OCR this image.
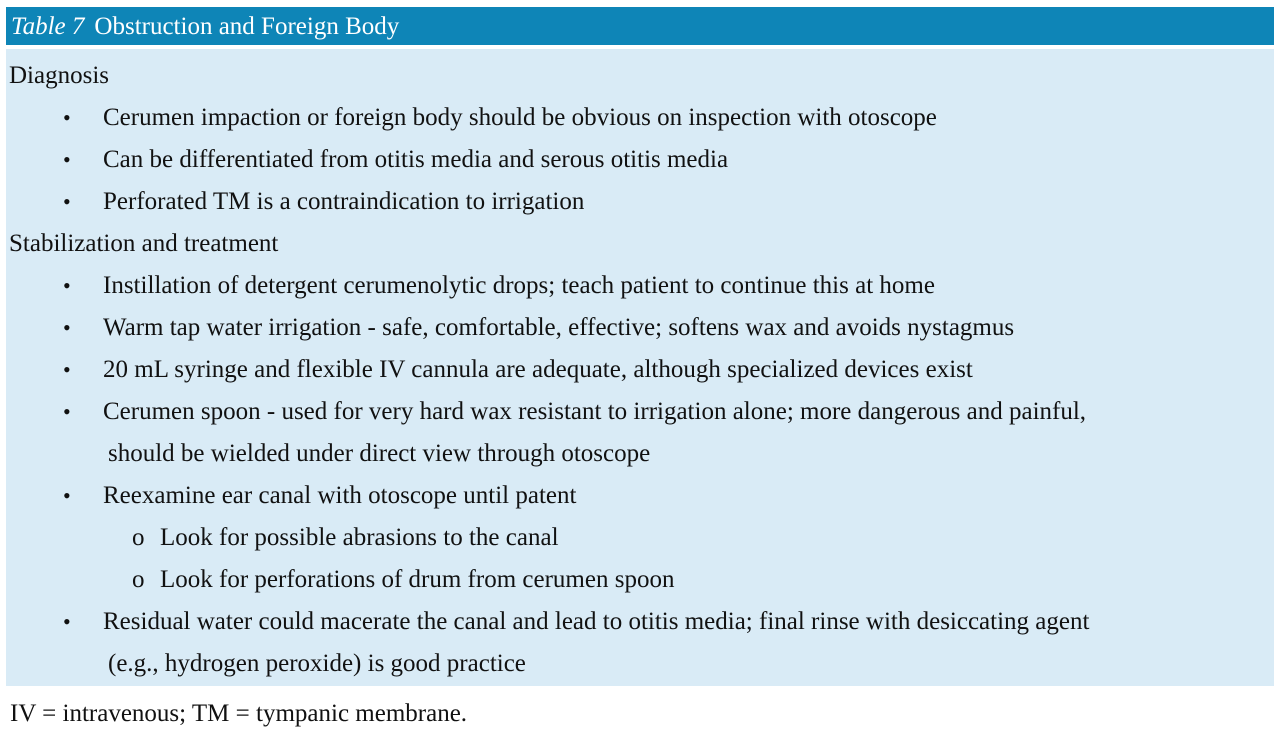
Table 7 Obstruction and Foreign Body
Diagnosis
• Cerumen impaction or foreign body should be obvious on inspection with otoscope
• Can be differentiated from otitis media and serous otitis media
• Perforated TM is a contraindication to irrigation
Stabilization and treatment
• Instillation of detergent cerumenolytic drops; teach patient to continue this at home
• Warm tap water irrigation - safe, comfortable, effective; softens wax and avoids nystagmus
• 20 mL syringe and flexible IV cannula are adequate, although specialized devices exist
• Cerumen spoon - used for very hard wax resistant to irrigation alone; more dangerous and painful,
should be wielded under direct view through otoscope
• Reexamine ear canal with otoscope until patent
o Look for possible abrasions to the canal
o Look for perforations of drum from cerumen spoon
• Residual water could macerate the canal and lead to otitis media; final rinse with desiccating agent
(e.g., hydrogen peroxide) is good practice
IV = intravenous; TM = tympanic membrane.
